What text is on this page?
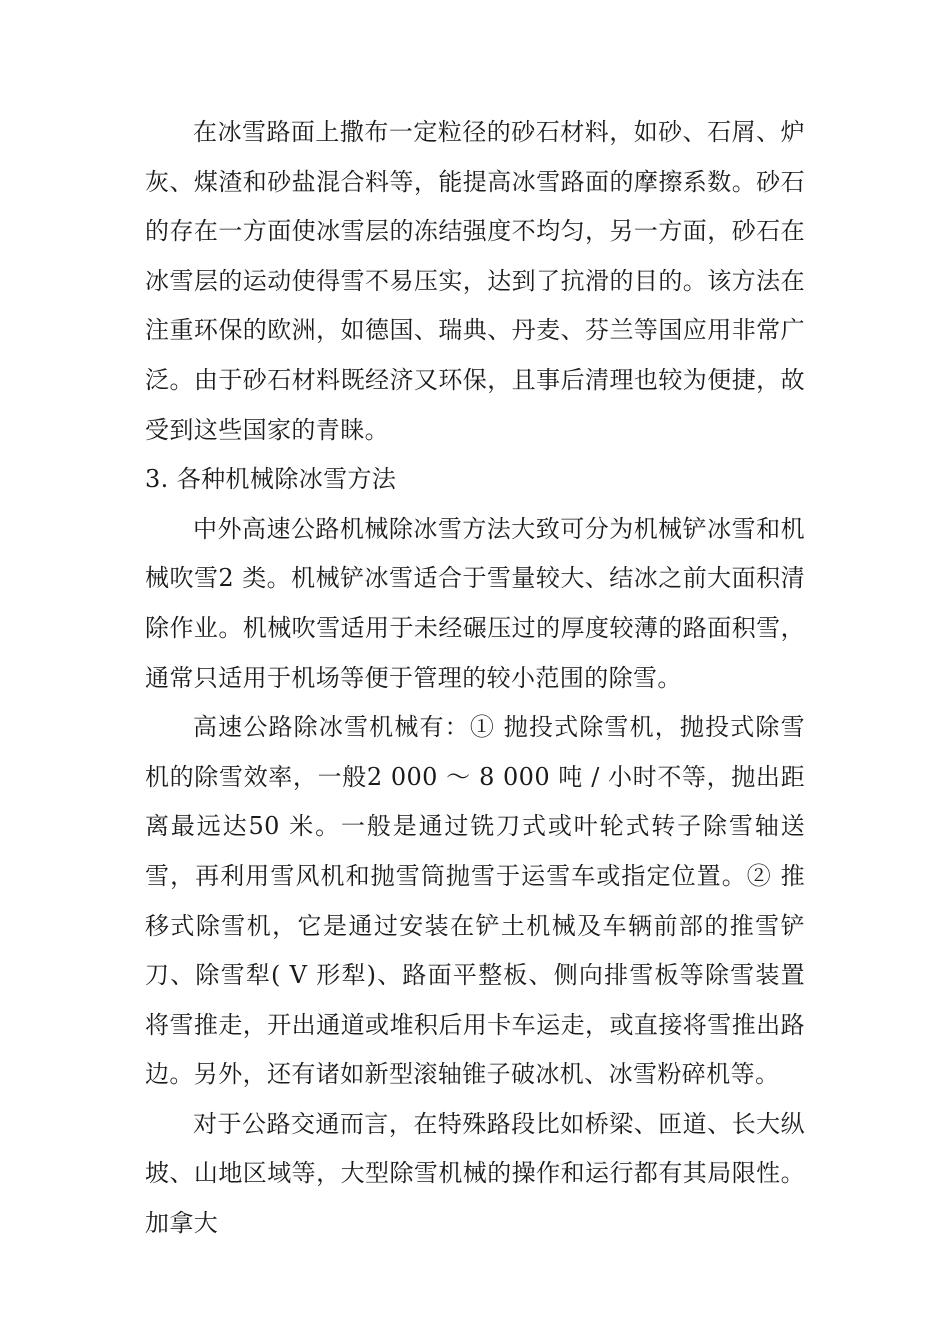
在冰雪路面上撒布一定粒径的砂石材料，如砂、石屑、炉灰、煤渣和砂盐混合料等，能提高冰雪路面的摩擦系数。砂石的存在一方面使冰雪层的冻结强度不均匀，另一方面，砂石在冰雪层的运动使得雪不易压实，达到了抗滑的目的。该方法在注重环保的欧洲，如德国、瑞典、丹麦、芬兰等国应用非常广泛。由于砂石材料既经济又环保，且事后清理也较为便捷，故受到这些国家的青睐。

3. 各种机械除冰雪方法

中外高速公路机械除冰雪方法大致可分为机械铲冰雪和机械吹雪2 类。机械铲冰雪适合于雪量较大、结冰之前大面积清除作业。机械吹雪适用于未经碾压过的厚度较薄的路面积雪，通常只适用于机场等便于管理的较小范围的除雪。

高速公路除冰雪机械有：① 抛投式除雪机，抛投式除雪机的除雪效率，一般2 000 ～ 8 000 吨 / 小时不等，抛出距离最远达50 米。一般是通过铣刀式或叶轮式转子除雪轴送雪，再利用雪风机和抛雪筒抛雪于运雪车或指定位置。② 推移式除雪机，它是通过安装在铲土机械及车辆前部的推雪铲刀、除雪犁( V 形犁)、路面平整板、侧向排雪板等除雪装置将雪推走，开出通道或堆积后用卡车运走，或直接将雪推出路边。另外，还有诸如新型滚轴锥子破冰机、冰雪粉碎机等。

对于公路交通而言，在特殊路段比如桥梁、匝道、长大纵坡、山地区域等，大型除雪机械的操作和运行都有其局限性。加拿大
